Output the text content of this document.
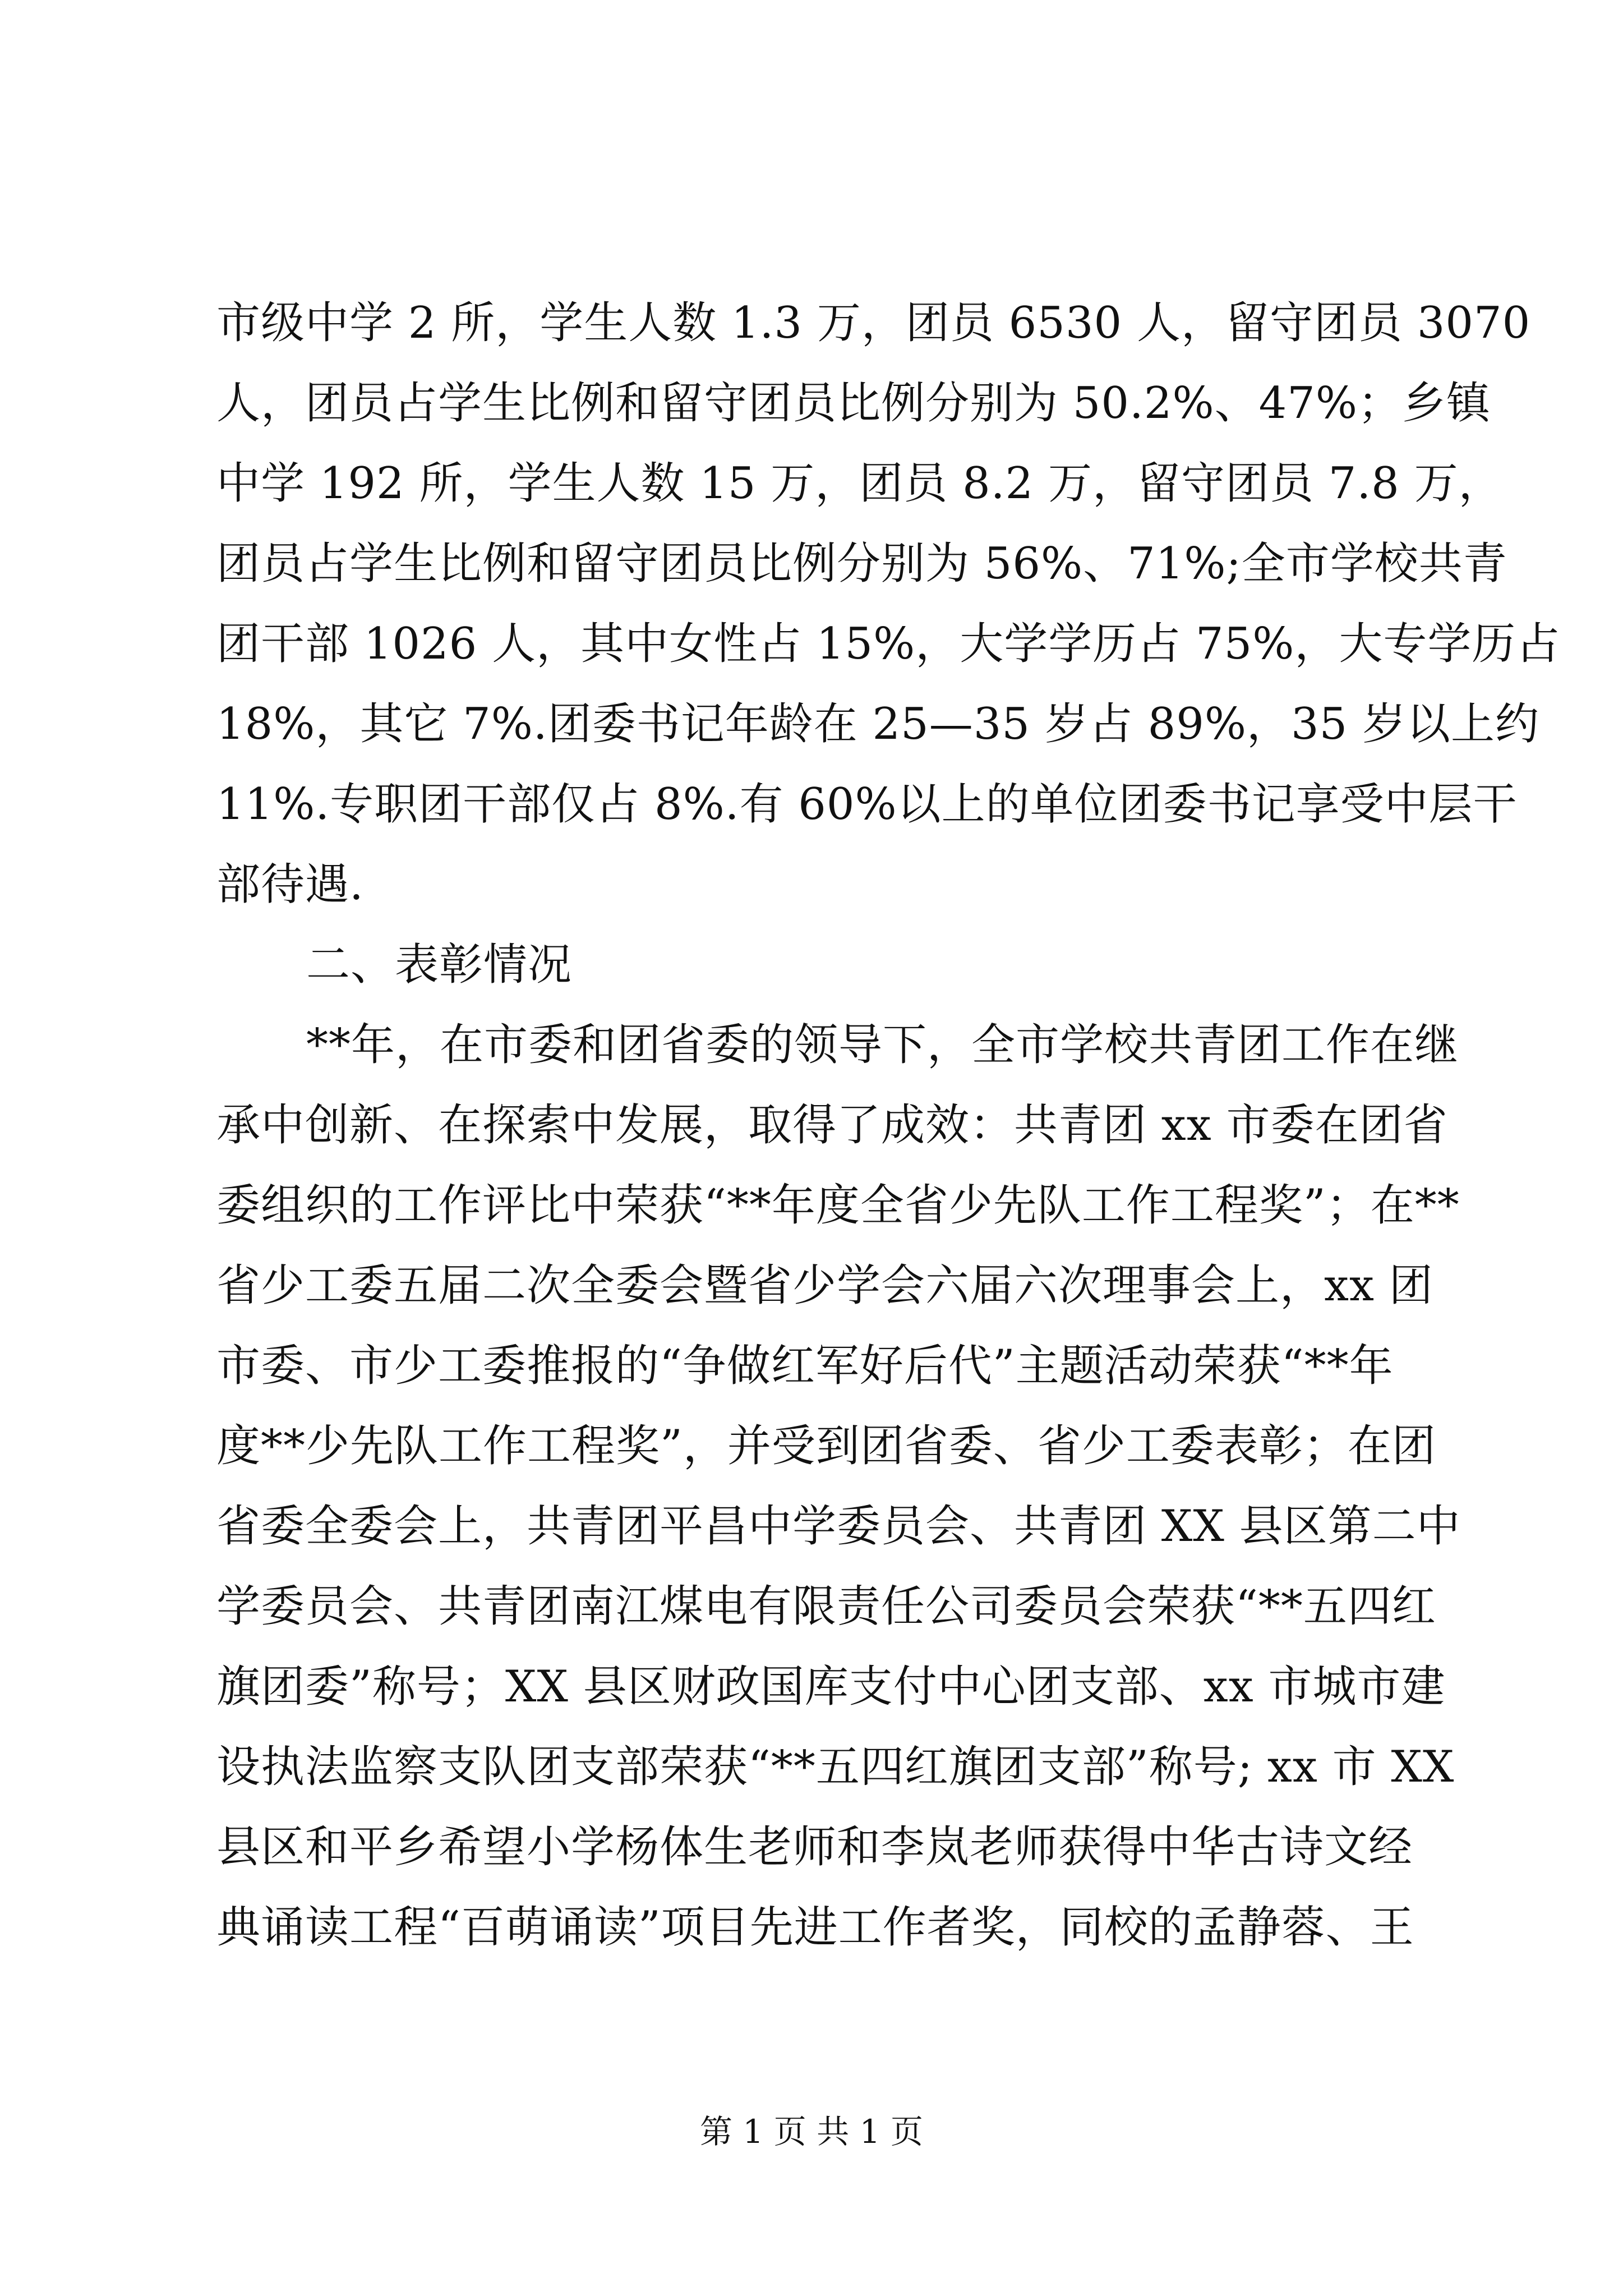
市级中学 2 所，学生人数 1.3 万，团员 6530 人，留守团员 3070
人，团员占学生比例和留守团员比例分别为 50.2%、47%；乡镇
中学 192 所，学生人数 15 万，团员 8.2 万，留守团员 7.8 万，
团员占学生比例和留守团员比例分别为 56%、71%;全市学校共青
团干部 1026 人，其中女性占 15%，大学学历占 75%，大专学历占
18%，其它 7%.团委书记年龄在 25—35 岁占 89%，35 岁以上约
11%.专职团干部仅占 8%.有 60%以上的单位团委书记享受中层干
部待遇.
二、表彰情况
**年，在市委和团省委的领导下，全市学校共青团工作在继
承中创新、在探索中发展，取得了成效：共青团 xx 市委在团省
委组织的工作评比中荣获“**年度全省少先队工作工程奖”；在**
省少工委五届二次全委会暨省少学会六届六次理事会上，xx 团
市委、市少工委推报的“争做红军好后代”主题活动荣获“**年
度**少先队工作工程奖”，并受到团省委、省少工委表彰；在团
省委全委会上，共青团平昌中学委员会、共青团 XX 县区第二中
学委员会、共青团南江煤电有限责任公司委员会荣获“**五四红
旗团委”称号；XX 县区财政国库支付中心团支部、xx 市城市建
设执法监察支队团支部荣获“**五四红旗团支部”称号; xx 市 XX
县区和平乡希望小学杨体生老师和李岚老师获得中华古诗文经
典诵读工程“百萌诵读”项目先进工作者奖，同校的孟静蓉、王
第 1 页 共 1 页
